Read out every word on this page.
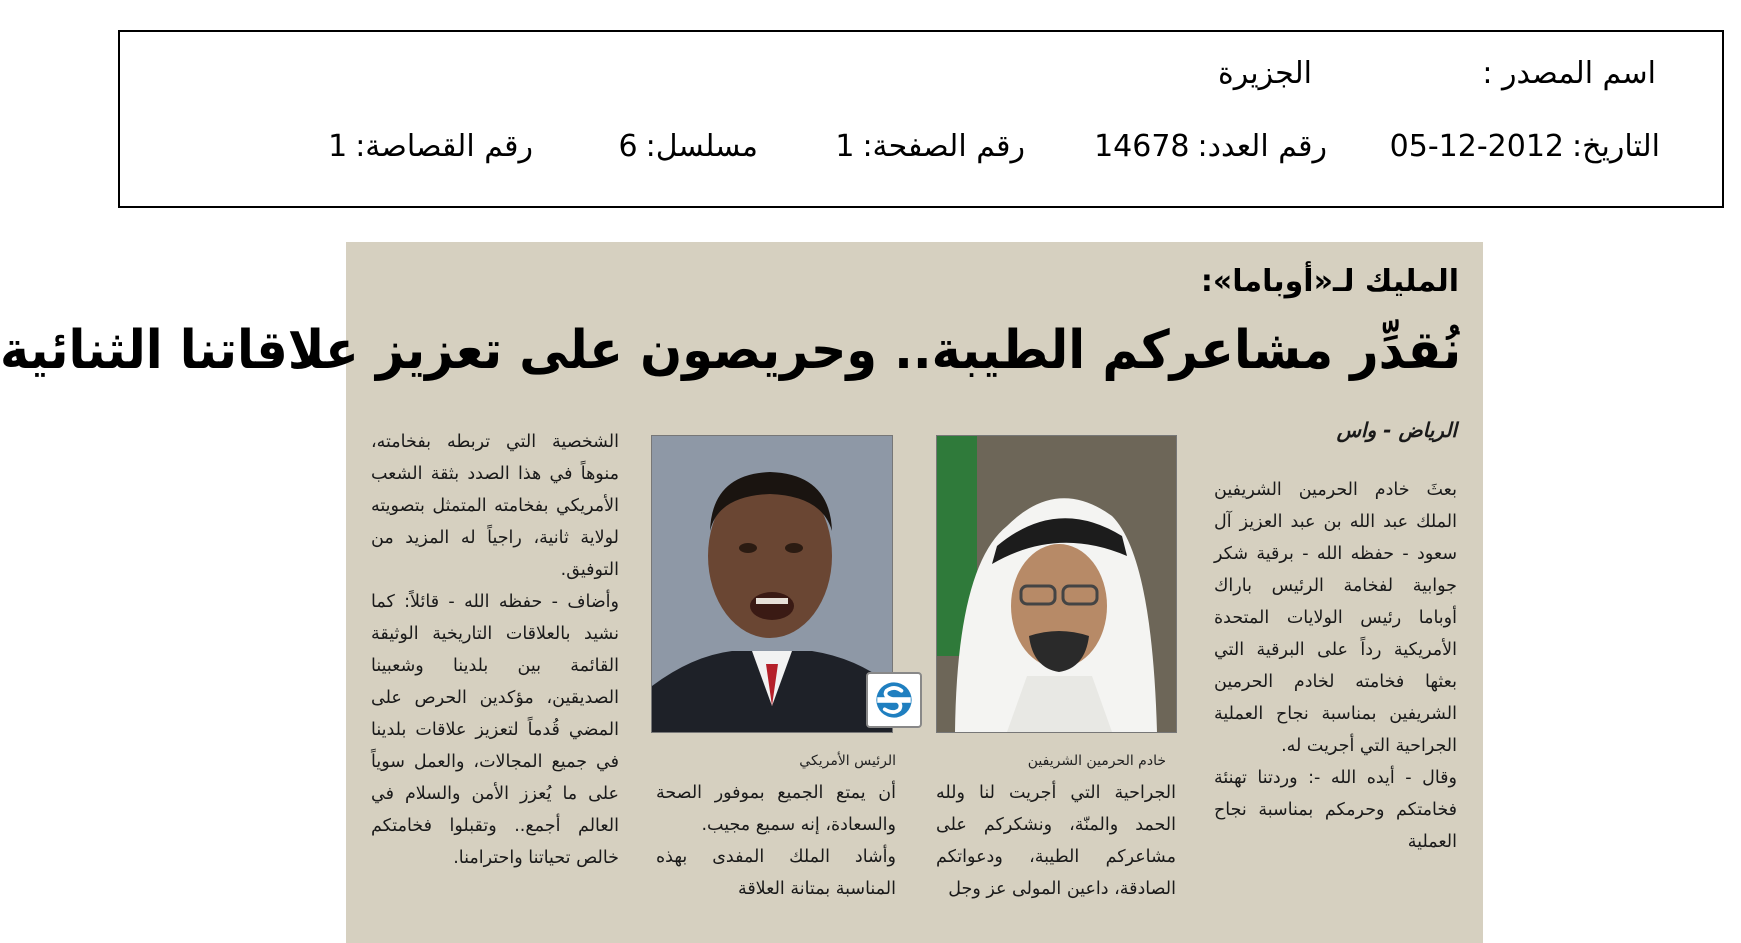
اسم المصدر :
الجزيرة
التاريخ:2012-12-05
رقم العدد:14678
رقم الصفحة:1
مسلسل:6
رقم القصاصة:1
المليك لـ«أوباما»:
نُقدِّر مشاعركم الطيبة.. وحريصون على تعزيز علاقاتنا الثنائية
الرياض - واس

بعثَ خادم الحرمين الشريفين الملك عبد الله بن عبد العزيز آل سعود - حفظه الله - برقية شكر جوابية لفخامة الرئيس باراك أوباما رئيس الولايات المتحدة الأمريكية رداً على البرقية التي بعثها فخامته لخادم الحرمين الشريفين بمناسبة نجاح العملية الجراحية التي أجريت له.

وقال - أيده الله -: وردتنا تهنئة فخامتكم وحرمكم بمناسبة نجاح العملية

خادم الحرمين الشريفين
الرئيس الأمريكي

الجراحية التي أجريت لنا ولله الحمد والمنّة، ونشكركم على مشاعركم الطيبة، ودعواتكم الصادقة، داعين المولى عز وجل

أن يمتع الجميع بموفور الصحة والسعادة، إنه سميع مجيب.

وأشاد الملك المفدى بهذه المناسبة بمتانة العلاقة

الشخصية التي تربطه بفخامته، منوهاً في هذا الصدد بثقة الشعب الأمريكي بفخامته المتمثل بتصويته لولاية ثانية، راجياً له المزيد من التوفيق.

وأضاف - حفظه الله - قائلاً: كما نشيد بالعلاقات التاريخية الوثيقة القائمة بين بلدينا وشعبينا الصديقين، مؤكدين الحرص على المضي قُدماً لتعزيز علاقات بلدينا في جميع المجالات، والعمل سوياً على ما يُعزز الأمن والسلام في العالم أجمع.. وتقبلوا فخامتكم خالص تحياتنا واحترامنا.
